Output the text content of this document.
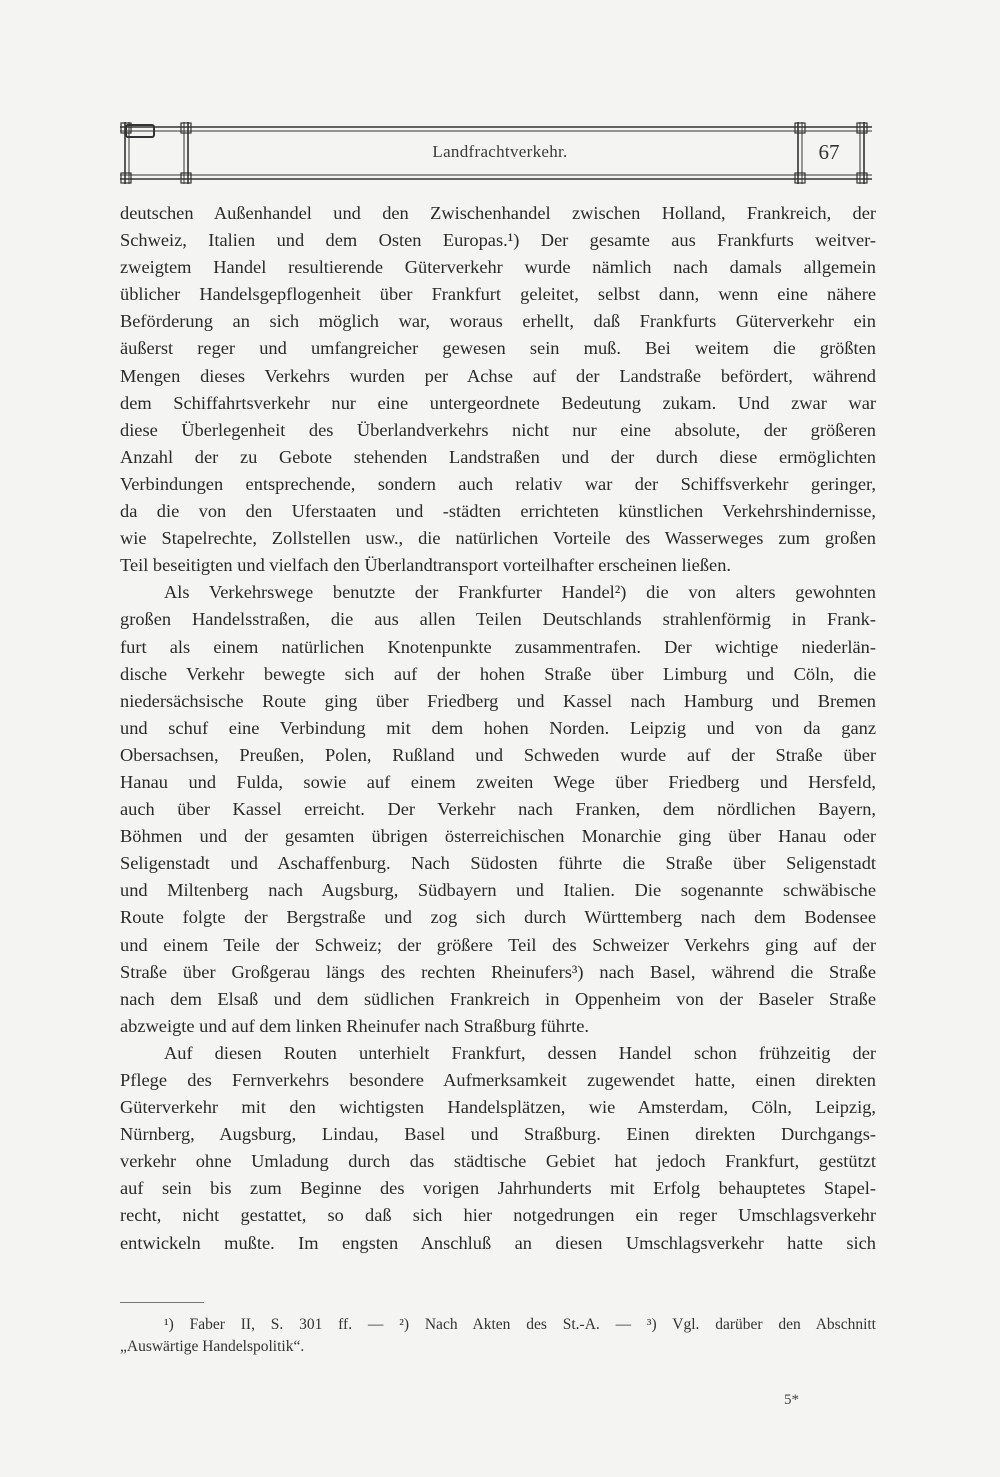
Landfrachtverkehr.	67

deutschen Außenhandel und den Zwischenhandel zwischen Holland, Frankreich, der
Schweiz, Italien und dem Osten Europas.¹) Der gesamte aus Frankfurts weitver-
zweigtem Handel resultierende Güterverkehr wurde nämlich nach damals allgemein
üblicher Handelsgepflogenheit über Frankfurt geleitet, selbst dann, wenn eine nähere
Beförderung an sich möglich war, woraus erhellt, daß Frankfurts Güterverkehr ein
äußerst reger und umfangreicher gewesen sein muß. Bei weitem die größten
Mengen dieses Verkehrs wurden per Achse auf der Landstraße befördert, während
dem Schiffahrtsverkehr nur eine untergeordnete Bedeutung zukam. Und zwar war
diese Überlegenheit des Überlandverkehrs nicht nur eine absolute, der größeren
Anzahl der zu Gebote stehenden Landstraßen und der durch diese ermöglichten
Verbindungen entsprechende, sondern auch relativ war der Schiffsverkehr geringer,
da die von den Uferstaaten und -städten errichteten künstlichen Verkehrshindernisse,
wie Stapelrechte, Zollstellen usw., die natürlichen Vorteile des Wasserweges zum großen
Teil beseitigten und vielfach den Überlandtransport vorteilhafter erscheinen ließen.

Als Verkehrswege benutzte der Frankfurter Handel²) die von alters gewohnten
großen Handelsstraßen, die aus allen Teilen Deutschlands strahlenförmig in Frank-
furt als einem natürlichen Knotenpunkte zusammentrafen. Der wichtige niederlän-
dische Verkehr bewegte sich auf der hohen Straße über Limburg und Cöln, die
niedersächsische Route ging über Friedberg und Kassel nach Hamburg und Bremen
und schuf eine Verbindung mit dem hohen Norden. Leipzig und von da ganz
Obersachsen, Preußen, Polen, Rußland und Schweden wurde auf der Straße über
Hanau und Fulda, sowie auf einem zweiten Wege über Friedberg und Hersfeld,
auch über Kassel erreicht. Der Verkehr nach Franken, dem nördlichen Bayern,
Böhmen und der gesamten übrigen österreichischen Monarchie ging über Hanau oder
Seligenstadt und Aschaffenburg. Nach Südosten führte die Straße über Seligenstadt
und Miltenberg nach Augsburg, Südbayern und Italien. Die sogenannte schwäbische
Route folgte der Bergstraße und zog sich durch Württemberg nach dem Bodensee
und einem Teile der Schweiz; der größere Teil des Schweizer Verkehrs ging auf der
Straße über Großgerau längs des rechten Rheinufers³) nach Basel, während die Straße
nach dem Elsaß und dem südlichen Frankreich in Oppenheim von der Baseler Straße
abzweigte und auf dem linken Rheinufer nach Straßburg führte.

Auf diesen Routen unterhielt Frankfurt, dessen Handel schon frühzeitig der
Pflege des Fernverkehrs besondere Aufmerksamkeit zugewendet hatte, einen direkten
Güterverkehr mit den wichtigsten Handelsplätzen, wie Amsterdam, Cöln, Leipzig,
Nürnberg, Augsburg, Lindau, Basel und Straßburg. Einen direkten Durchgangs-
verkehr ohne Umladung durch das städtische Gebiet hat jedoch Frankfurt, gestützt
auf sein bis zum Beginne des vorigen Jahrhunderts mit Erfolg behauptetes Stapel-
recht, nicht gestattet, so daß sich hier notgedrungen ein reger Umschlagsverkehr
entwickeln mußte. Im engsten Anschluß an diesen Umschlagsverkehr hatte sich

¹) Faber II, S. 301 ff. — ²) Nach Akten des St.-A. — ³) Vgl. darüber den Abschnitt

„Auswärtige Handelspolitik“.

5*
